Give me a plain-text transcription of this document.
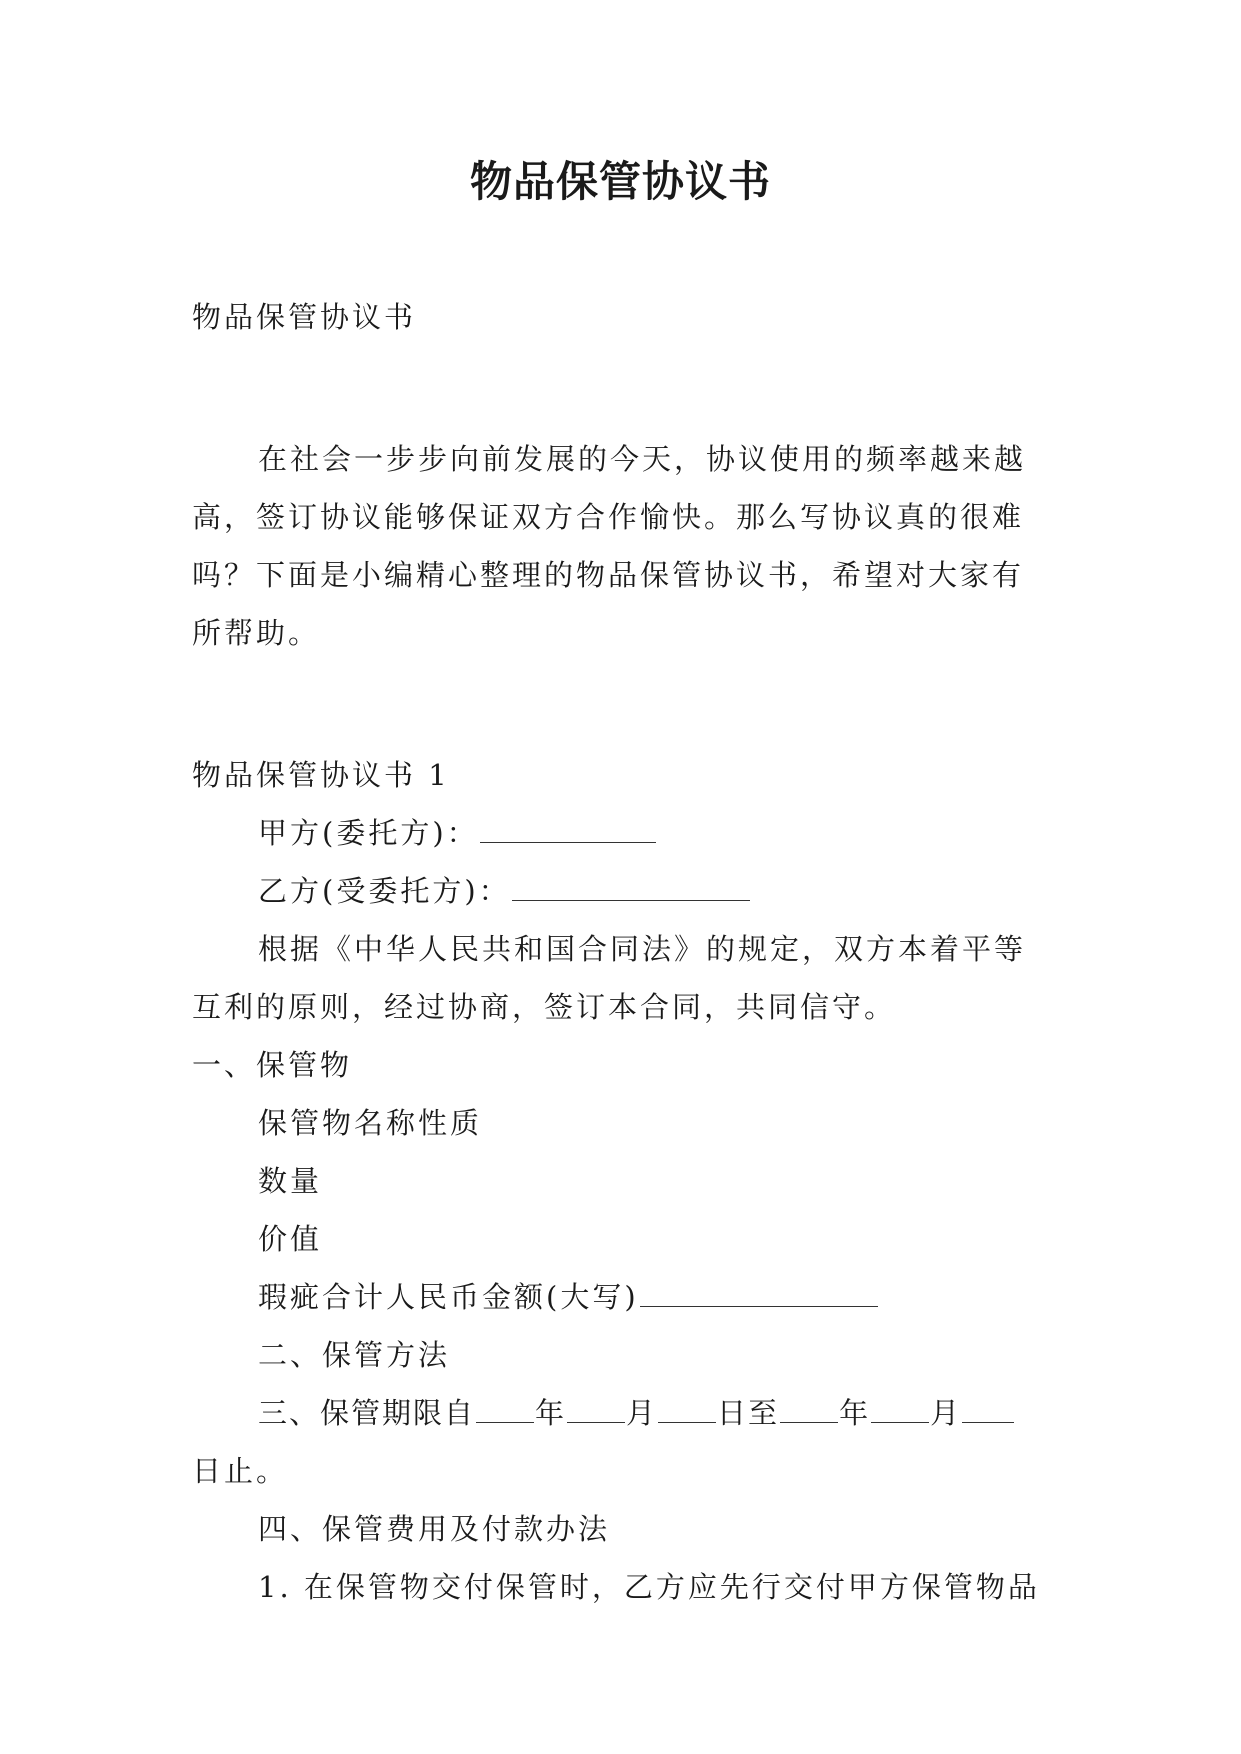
物品保管协议书
物品保管协议书
在社会一步步向前发展的今天，协议使用的频率越来越
高，签订协议能够保证双方合作愉快。那么写协议真的很难
吗？下面是小编精心整理的物品保管协议书，希望对大家有
所帮助。
物品保管协议书 1
甲方(委托方)：
乙方(受委托方)：
根据《中华人民共和国合同法》的规定，双方本着平等
互利的原则，经过协商，签订本合同，共同信守。
一、保管物
保管物名称性质
数量
价值
瑕疵合计人民币金额(大写)
二、保管方法
三、保管期限自 年 月 日至 年 月
日止。
四、保管费用及付款办法
1. 在保管物交付保管时，乙方应先行交付甲方保管物品
